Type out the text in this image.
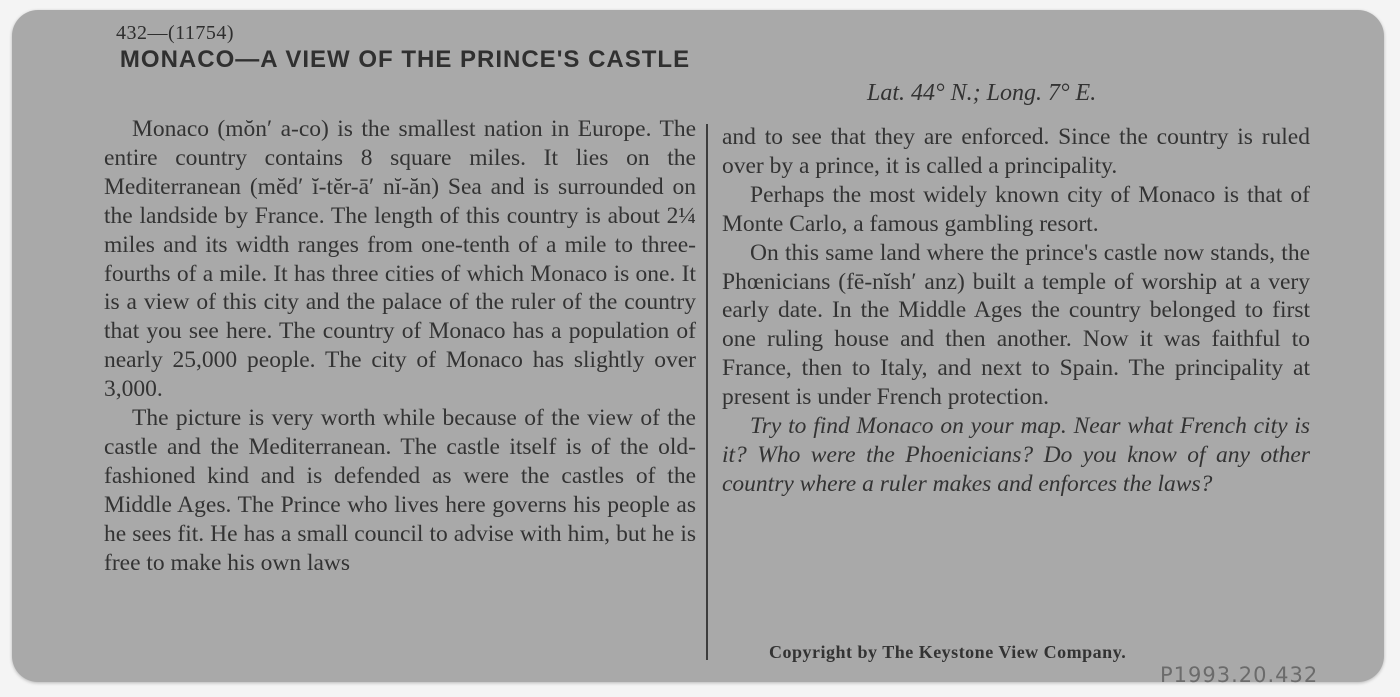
432—(11754)
MONACO—A VIEW OF THE PRINCE'S CASTLE
Lat. 44° N.; Long. 7° E.

Monaco (mŏn′ a-co) is the smallest nation in Europe. The entire country contains 8 square miles. It lies on the Mediterranean (mĕd′ ĭ-tĕr-ā′ nĭ-ăn) Sea and is surrounded on the landside by France. The length of this country is about 2¼ miles and its width ranges from one-tenth of a mile to three-fourths of a mile. It has three cities of which Monaco is one. It is a view of this city and the palace of the ruler of the country that you see here. The country of Monaco has a population of nearly 25,000 people. The city of Monaco has slightly over 3,000.

The picture is very worth while because of the view of the castle and the Mediterranean. The castle itself is of the old-fashioned kind and is defended as were the castles of the Middle Ages. The Prince who lives here governs his people as he sees fit. He has a small council to advise with him, but he is free to make his own laws

and to see that they are enforced. Since the country is ruled over by a prince, it is called a principality.

Perhaps the most widely known city of Monaco is that of Monte Carlo, a famous gambling resort.

On this same land where the prince's castle now stands, the Phœnicians (fē-nĭsh′ anz) built a temple of worship at a very early date. In the Middle Ages the country belonged to first one ruling house and then another. Now it was faithful to France, then to Italy, and next to Spain. The principality at present is under French protection.

Try to find Monaco on your map. Near what French city is it? Who were the Phoenicians? Do you know of any other country where a ruler makes and enforces the laws?

Copyright by The Keystone View Company.
P1993.20.432
